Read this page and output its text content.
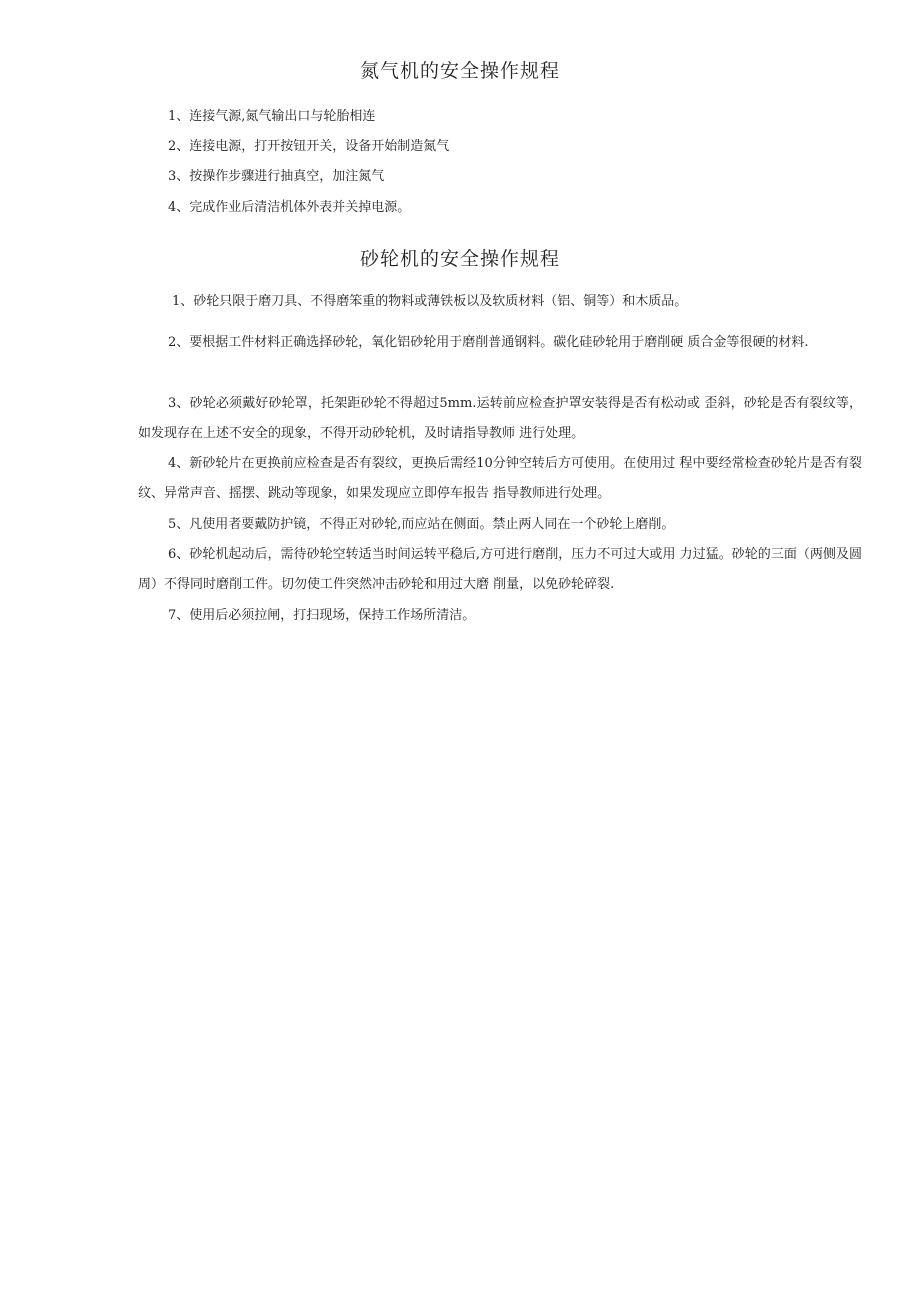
氮气机的安全操作规程
1、连接气源,氮气输出口与轮胎相连
2、连接电源，打开按钮开关，设备开始制造氮气
3、按操作步骤进行抽真空，加注氮气
4、完成作业后清洁机体外表并关掉电源。
砂轮机的安全操作规程
1、砂轮只限于磨刀具、不得磨笨重的物料或薄铁板以及软质材料（铝、铜等）和木质品。
2、要根据工件材料正确选择砂轮，氧化铝砂轮用于磨削普通钢料。碳化硅砂轮用于磨削硬 质合金等很硬的材料.
3、砂轮必须戴好砂轮罩，托架距砂轮不得超过5mm.运转前应检查护罩安装得是否有松动或 歪斜，砂轮是否有裂纹等，如发现存在上述不安全的现象，不得开动砂轮机，及时请指导教师 进行处理。
4、新砂轮片在更换前应检查是否有裂纹，更换后需经10分钟空转后方可使用。在使用过 程中要经常检查砂轮片是否有裂纹、异常声音、摇摆、跳动等现象，如果发现应立即停车报告 指导教师进行处理。
5、凡使用者要戴防护镜，不得正对砂轮,而应站在侧面。禁止两人同在一个砂轮上磨削。
6、砂轮机起动后，需待砂轮空转适当时间运转平稳后,方可进行磨削，压力不可过大或用 力过猛。砂轮的三面（两侧及圆周）不得同时磨削工件。切勿使工件突然冲击砂轮和用过大磨 削量，以免砂轮碎裂.
7、使用后必须拉闸，打扫现场，保持工作场所清洁。
